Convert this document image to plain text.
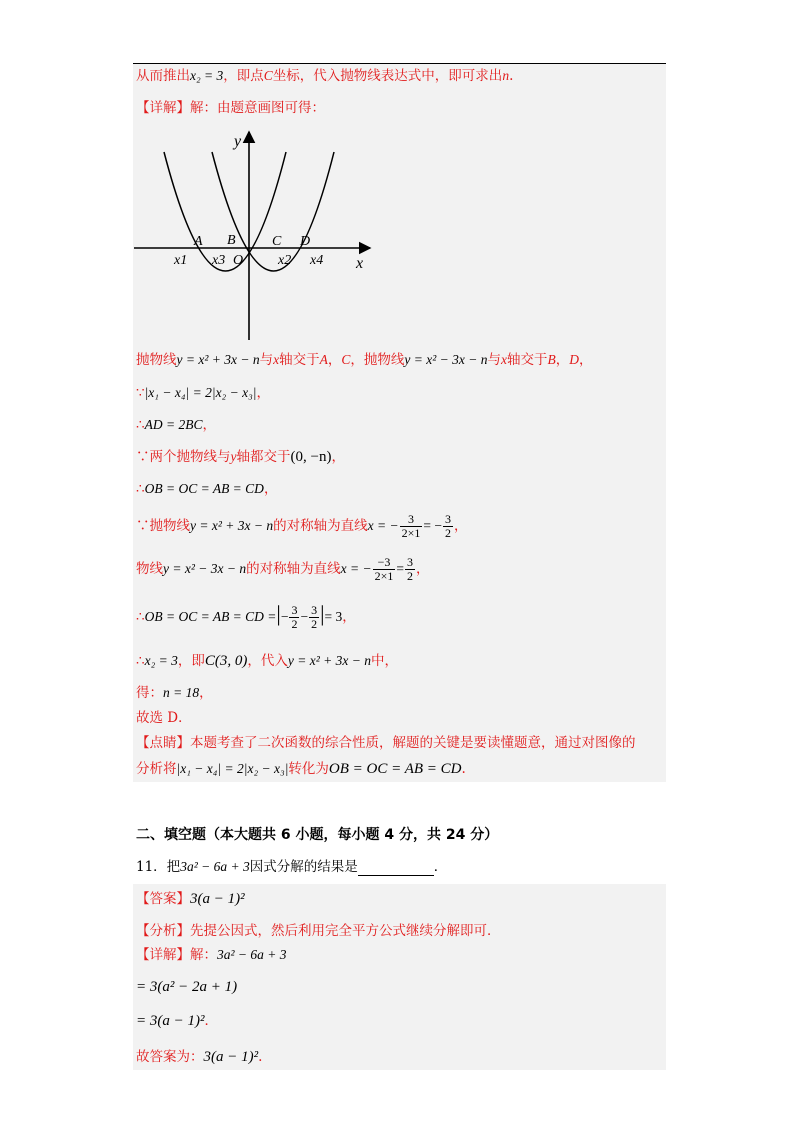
从而推出x₂ = 3，即点C坐标，代入抛物线表达式中，即可求出n.
【详解】解：由题意画图可得：
y
x
A B	C D
O
x1 x3	x2 x4
抛物线y = x² + 3x − n与x轴交于A，C，抛物线y = x² − 3x − n与x轴交于B，D，
∵|x₁ − x₄| = 2|x₂ − x₃|，
∴AD = 2BC，
∵两个抛物线与y轴都交于(0, −n)，
∴OB = OC = AB = CD，
∵抛物线y = x² + 3x − n的对称轴为直线x = − $\frac{3}{2\times 1}$ = − $\frac{3}{2}$ ，
物线y = x² − 3x − n的对称轴为直线x = − $\frac{-3}{2\times 1} = \frac{3}{2}$ ，
∴OB = OC = AB = CD =|− $\frac{3}{2} - \frac{3}{2}$ |= 3，
∴x₂ = 3，即C(3, 0)，代入y = x² + 3x − n中，
得：n = 18，
故选 D．
【点睛】本题考查了二次函数的综合性质，解题的关键是要读懂题意，通过对图像的
分析将|x₁ − x₄| = 2|x₂ − x₃|转化为OB = OC = AB = CD.
二、填空题（本大题共 6 小题，每小题 4 分，共 24 分）
11．把3a² − 6a + 3因式分解的结果是	．
【答案】3(a − 1)²
【分析】先提公因式，然后利用完全平方公式继续分解即可．
【详解】解：3a² − 6a + 3
= 3(a² − 2a + 1)
= 3(a − 1)²．
故答案为：3(a − 1)².
